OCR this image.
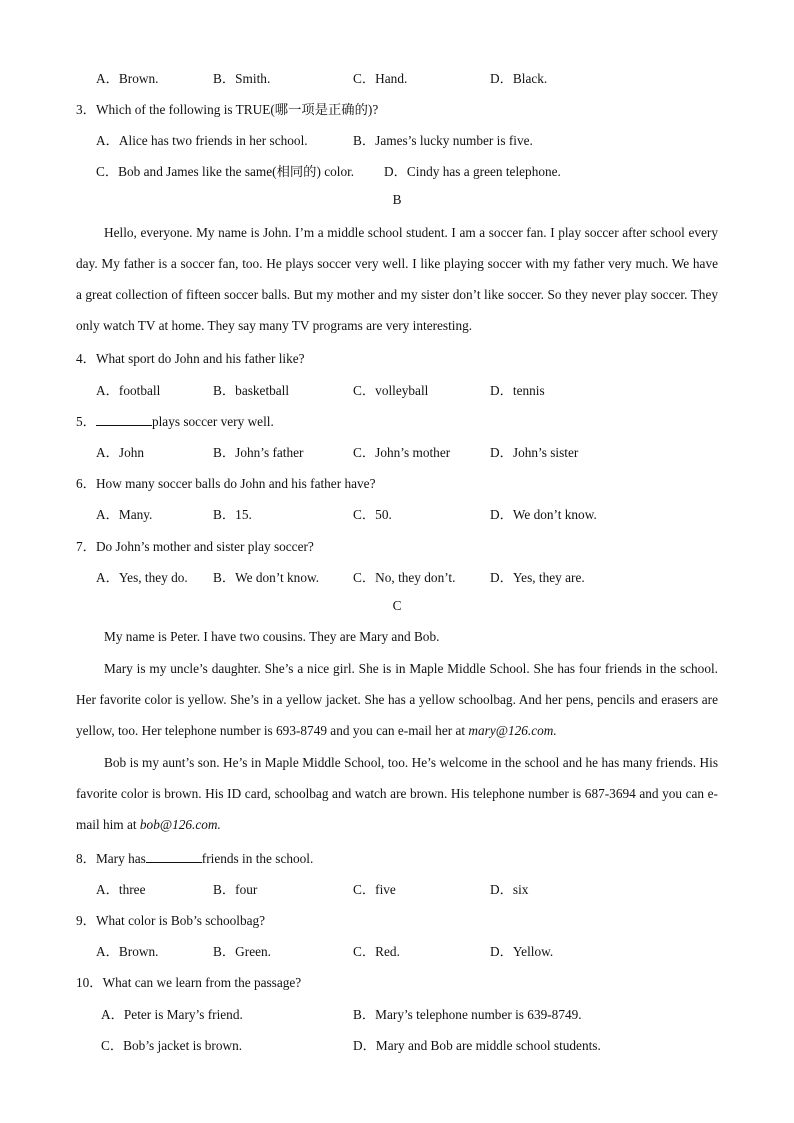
A．Brown.	B．Smith.	C．Hand.	D．Black.
3．Which of the following is TRUE(哪一项是正确的)?
A．Alice has two friends in her school.	B．James’s lucky number is five.
C．Bob and James like the same(相同的) color. D．Cindy has a green telephone.
B
Hello, everyone. My name is John. I’m a middle school student. I am a soccer fan. I play soccer after school every day. My father is a soccer fan, too. He plays soccer very well. I like playing soccer with my father very much. We have a great collection of fifteen soccer balls. But my mother and my sister don’t like soccer. So they never play soccer. They only watch TV at home. They say many TV programs are very interesting.
4．What sport do John and his father like?
A．football	B．basketball	C．volleyball	D．tennis
5．	plays soccer very well.
A．John	B．John’s father	C．John’s mother	D．John’s sister
6．How many soccer balls do John and his father have?
A．Many.	B．15.	C．50.	D．We don’t know.
7．Do John’s mother and sister play soccer?
A．Yes, they do. B．We don’t know.	C．No, they don’t.	D．Yes, they are.
C
My name is Peter. I have two cousins. They are Mary and Bob.
Mary is my uncle’s daughter. She’s a nice girl. She is in Maple Middle School. She has four friends in the school. Her favorite color is yellow. She’s in a yellow jacket. She has a yellow schoolbag. And her pens, pencils and erasers are yellow, too. Her telephone number is 693-8749 and you can e-mail her at mary@126.com.
Bob is my aunt’s son. He’s in Maple Middle School, too. He’s welcome in the school and he has many friends. His favorite color is brown. His ID card, schoolbag and watch are brown. His telephone number is 687-3694 and you can e-mail him at bob@126.com.
8．Mary has	friends in the school.
A．three	B．four	C．five	D．six
9．What color is Bob’s schoolbag?
A．Brown.	B．Green.	C．Red.	D．Yellow.
10．What can we learn from the passage?
A．Peter is Mary’s friend.	B．Mary’s telephone number is 639-8749.
C．Bob’s jacket is brown.	D．Mary and Bob are middle school students.
